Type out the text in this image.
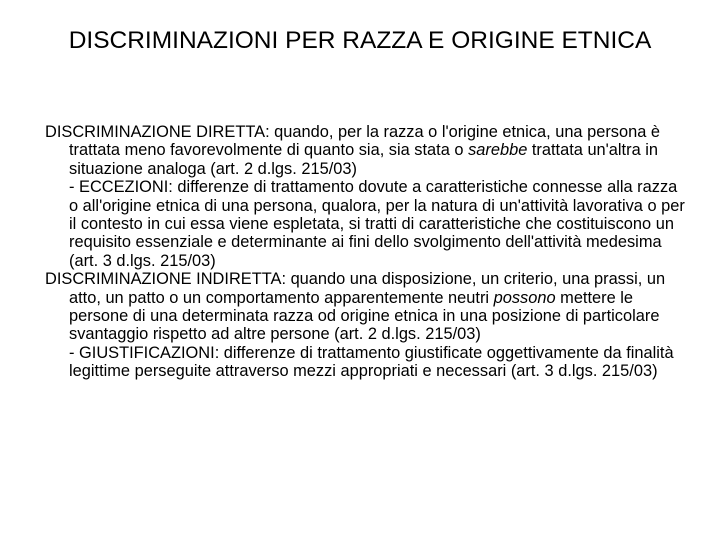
DISCRIMINAZIONI PER RAZZA E ORIGINE ETNICA

DISCRIMINAZIONE DIRETTA: quando, per la razza o l'origine etnica, una persona è trattata meno favorevolmente di quanto sia, sia stata o sarebbe trattata un'altra in situazione analoga (art. 2 d.lgs. 215/03)

- ECCEZIONI: differenze di trattamento dovute a caratteristiche connesse alla razza o all'origine etnica di una persona, qualora, per la natura di un'attività lavorativa o per il contesto in cui essa viene espletata, si tratti di caratteristiche che costituiscono un requisito essenziale e determinante ai fini dello svolgimento dell'attività medesima (art. 3 d.lgs. 215/03)

DISCRIMINAZIONE INDIRETTA: quando una disposizione, un criterio, una prassi, un atto, un patto o un comportamento apparentemente neutri possono mettere le persone di una determinata razza od origine etnica in una posizione di particolare svantaggio rispetto ad altre persone (art. 2 d.lgs. 215/03)

- GIUSTIFICAZIONI: differenze di trattamento giustificate oggettivamente da finalità legittime perseguite attraverso mezzi appropriati e necessari (art. 3 d.lgs. 215/03)
